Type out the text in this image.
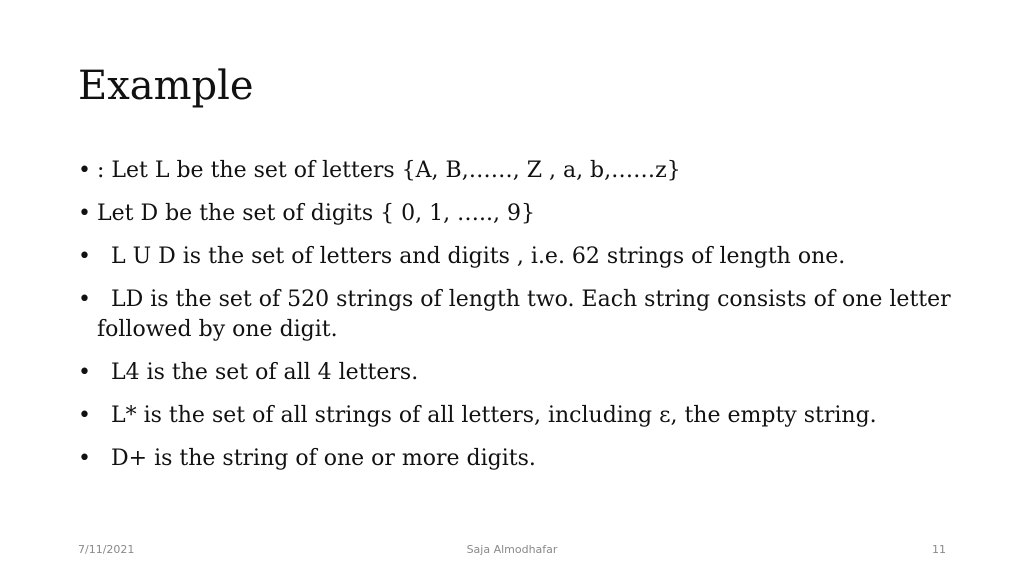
Example
• : Let L be the set of letters {A, B,……, Z , a, b,……z}
• Let D be the set of digits { 0, 1, ….., 9}
• L U D is the set of letters and digits , i.e. 62 strings of length one.
• LD is the set of 520 strings of length two. Each string consists of one letter followed by one digit.
• L4 is the set of all 4 letters.
• L* is the set of all strings of all letters, including ε, the empty string.
• D+ is the string of one or more digits.
7/11/2021	Saja Almodhafar	11
